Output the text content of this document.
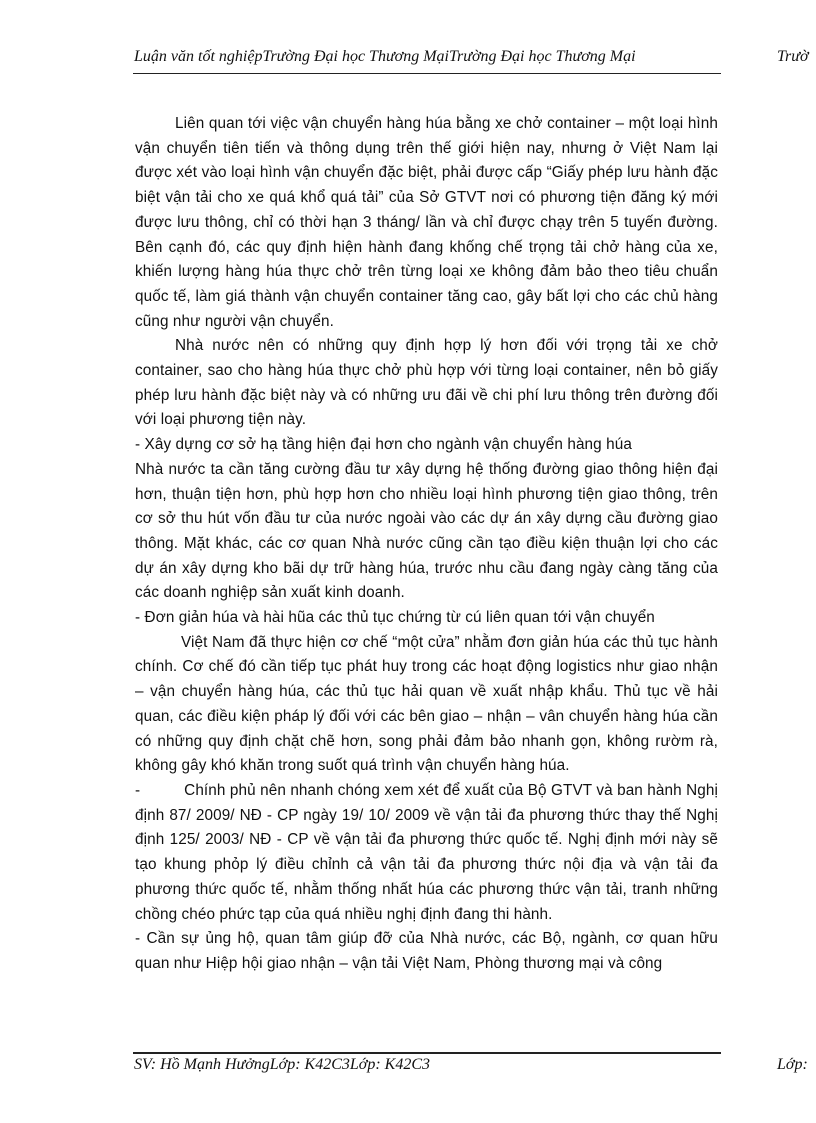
Luận văn tốt nghiệpTrường Đại học Thương MạiTrường Đại học Thương Mại	Trườ

Liên quan tới việc vận chuyển hàng húa bằng xe chở container – một loại hình vận chuyển tiên tiến và thông dụng trên thế giới hiện nay, nhưng ở Việt Nam lại được xét vào loại hình vận chuyển đặc biệt, phải được cấp “Giấy phép lưu hành đặc biệt vận tải cho xe quá khổ quá tải” của Sở GTVT nơi có phương tiện đăng ký mới được lưu thông, chỉ có thời hạn 3 tháng/ lần và chỉ được chạy trên 5 tuyến đường. Bên cạnh đó, các quy định hiện hành đang khống chế trọng tải chở hàng của xe, khiến lượng hàng húa thực chở trên từng loại xe không đảm bảo theo tiêu chuẩn quốc tế, làm giá thành vận chuyển container tăng cao, gây bất lợi cho các chủ hàng cũng như người vận chuyển.

Nhà nước nên có những quy định hợp lý hơn đối với trọng tải xe chở container, sao cho hàng húa thực chở phù hợp với từng loại container, nên bỏ giấy phép lưu hành đặc biệt này và có những ưu đãi về chi phí lưu thông trên đường đối với loại phương tiện này.

- Xây dựng cơ sở hạ tầng hiện đại hơn cho ngành vận chuyển hàng húa

Nhà nước ta cần tăng cường đầu tư xây dựng hệ thống đường giao thông hiện đại hơn, thuận tiện hơn, phù hợp hơn cho nhiều loại hình phương tiện giao thông, trên cơ sở thu hút vốn đầu tư của nước ngoài vào các dự án xây dựng cầu đường giao thông. Mặt khác, các cơ quan Nhà nước cũng cần tạo điều kiện thuận lợi cho các dự án xây dựng kho bãi dự trữ hàng húa, trước nhu cầu đang ngày càng tăng của các doanh nghiệp sản xuất kinh doanh.

- Đơn giản húa và hài hũa các thủ tục chứng từ cú liên quan tới vận chuyển

Việt Nam đã thực hiện cơ chế “một cửa” nhằm đơn giản húa các thủ tục hành chính. Cơ chế đó cần tiếp tục phát huy trong các hoạt động logistics như giao nhận – vận chuyển hàng húa, các thủ tục hải quan về xuất nhập khẩu. Thủ tục về hải quan, các điều kiện pháp lý đối với các bên giao – nhận – vân chuyển hàng húa cần có những quy định chặt chẽ hơn, song phải đảm bảo nhanh gọn, không rườm rà, không gây khó khăn trong suốt quá trình vận chuyển hàng húa.

-          Chính phủ nên nhanh chóng xem xét để xuất của Bộ GTVT và ban hành Nghị định 87/ 2009/ NĐ - CP ngày 19/ 10/ 2009 về vận tải đa phương thức thay thế Nghị định 125/ 2003/ NĐ - CP về vận tải đa phương thức quốc tế. Nghị định mới này sẽ tạo khung phỏp lý điều chỉnh cả vận tải đa phương thức nội địa và vận tải đa phương thức quốc tế, nhằm thống nhất húa các phương thức vận tải, tranh những chồng chéo phức tạp của quá nhiều nghị định đang thi hành.

- Cần sự ủng hộ, quan tâm giúp đỡ của Nhà nước, các Bộ, ngành, cơ quan hữu quan như Hiệp hội giao nhận – vận tải Việt Nam, Phòng thương mại và công

SV: Hồ Mạnh HưởngLớp: K42C3Lớp: K42C3	Lớp:
